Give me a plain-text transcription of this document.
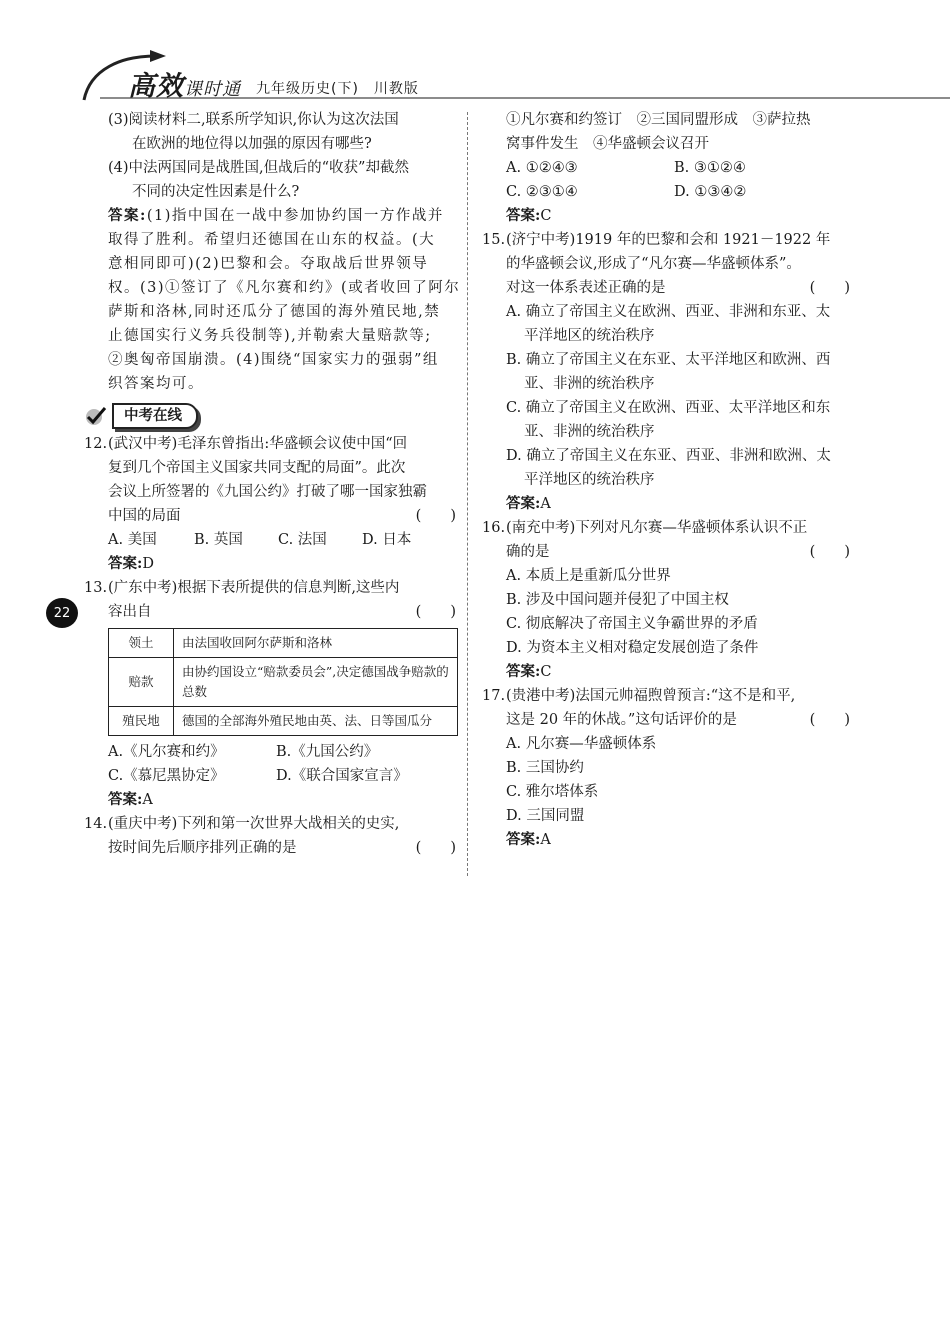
高效课时通 九年级历史(下)　川教版
22
(3)阅读材料二,联系所学知识,你认为这次法国
在欧洲的地位得以加强的原因有哪些?
(4)中法两国同是战胜国,但战后的“收获”却截然
不同的决定性因素是什么?
答案:(1)指中国在一战中参加协约国一方作战并
取得了胜利。希望归还德国在山东的权益。(大
意相同即可)(2)巴黎和会。夺取战后世界领导
权。(3)①签订了《凡尔赛和约》(或者收回了阿尔
萨斯和洛林,同时还瓜分了德国的海外殖民地,禁
止德国实行义务兵役制等),并勒索大量赔款等;
②奥匈帝国崩溃。(4)围绕“国家实力的强弱”组
织答案均可。
中考在线
12.(武汉中考)毛泽东曾指出:华盛顿会议使中国“回
复到几个帝国主义国家共同支配的局面”。此次
会议上所签署的《九国公约》打破了哪一国家独霸
中国的局面	(　　)
A. 美国	B. 英国	C. 法国	D. 日本
答案:D
13.(广东中考)根据下表所提供的信息判断,这些内
容出自	(　　)
领土	由法国收回阿尔萨斯和洛林
赔款	由协约国设立“赔款委员会”,决定德国战争赔款的总数
殖民地	德国的全部海外殖民地由英、法、日等国瓜分
A.《凡尔赛和约》	B.《九国公约》
C.《慕尼黑协定》	D.《联合国家宣言》
答案:A
14.(重庆中考)下列和第一次世界大战相关的史实,
按时间先后顺序排列正确的是	(　　)
①凡尔赛和约签订　②三国同盟形成　③萨拉热
窝事件发生　④华盛顿会议召开
A. ①②④③	B. ③①②④
C. ②③①④	D. ①③④②
答案:C
15.(济宁中考)1919 年的巴黎和会和 1921－1922 年
的华盛顿会议,形成了“凡尔赛—华盛顿体系”。
对这一体系表述正确的是	(　　)
A. 确立了帝国主义在欧洲、西亚、非洲和东亚、太
平洋地区的统治秩序
B. 确立了帝国主义在东亚、太平洋地区和欧洲、西
亚、非洲的统治秩序
C. 确立了帝国主义在欧洲、西亚、太平洋地区和东
亚、非洲的统治秩序
D. 确立了帝国主义在东亚、西亚、非洲和欧洲、太
平洋地区的统治秩序
答案:A
16.(南充中考)下列对凡尔赛—华盛顿体系认识不正
确的是	(　　)
A. 本质上是重新瓜分世界
B. 涉及中国问题并侵犯了中国主权
C. 彻底解决了帝国主义争霸世界的矛盾
D. 为资本主义相对稳定发展创造了条件
答案:C
17.(贵港中考)法国元帅福煦曾预言:“这不是和平,
这是 20 年的休战。”这句话评价的是	(　　)
A. 凡尔赛—华盛顿体系
B. 三国协约
C. 雅尔塔体系
D. 三国同盟
答案:A
